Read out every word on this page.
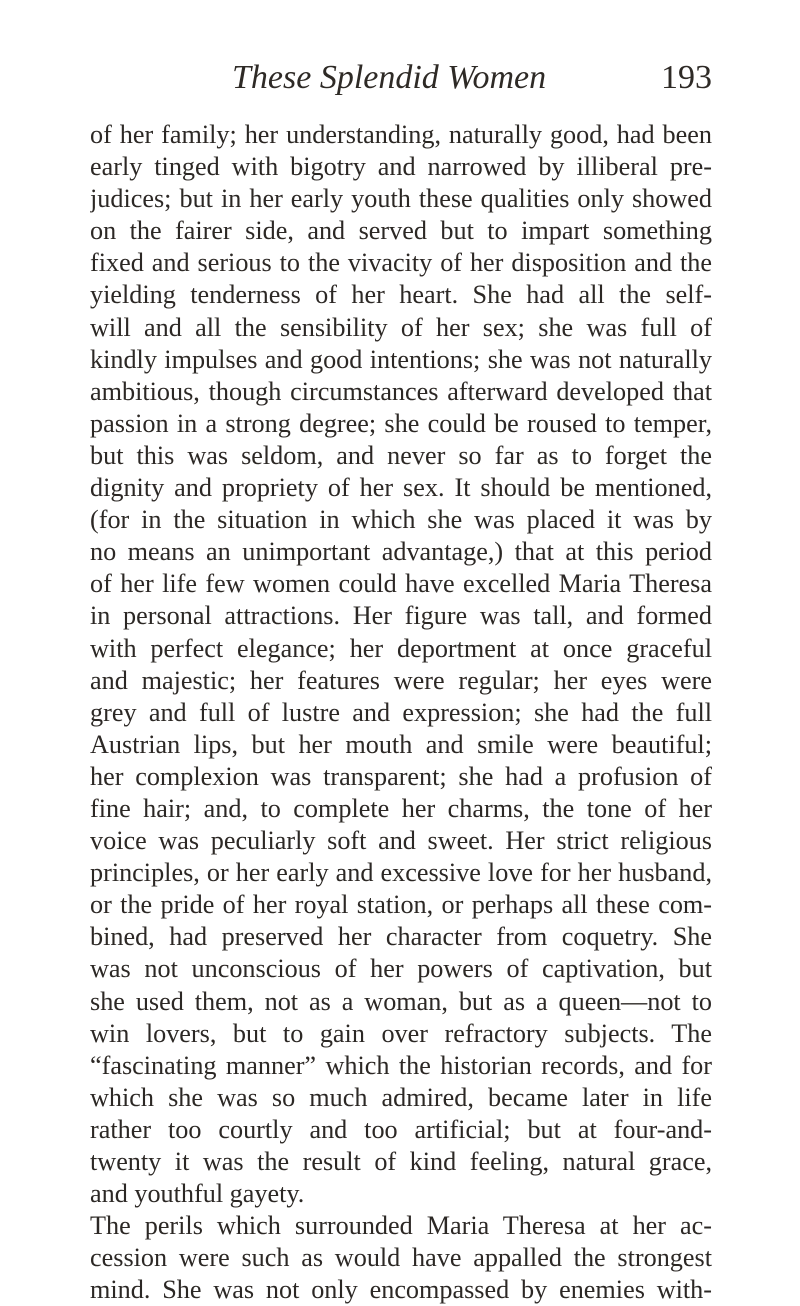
These Splendid Women	193
of her family; her understanding, naturally good, had been
early tinged with bigotry and narrowed by illiberal pre-
judices; but in her early youth these qualities only showed
on the fairer side, and served but to impart something
fixed and serious to the vivacity of her disposition and the
yielding tenderness of her heart. She had all the self-
will and all the sensibility of her sex; she was full of
kindly impulses and good intentions; she was not naturally
ambitious, though circumstances afterward developed that
passion in a strong degree; she could be roused to temper,
but this was seldom, and never so far as to forget the
dignity and propriety of her sex. It should be mentioned,
(for in the situation in which she was placed it was by
no means an unimportant advantage,) that at this period
of her life few women could have excelled Maria Theresa
in personal attractions. Her figure was tall, and formed
with perfect elegance; her deportment at once graceful
and majestic; her features were regular; her eyes were
grey and full of lustre and expression; she had the full
Austrian lips, but her mouth and smile were beautiful;
her complexion was transparent; she had a profusion of
fine hair; and, to complete her charms, the tone of her
voice was peculiarly soft and sweet. Her strict religious
principles, or her early and excessive love for her husband,
or the pride of her royal station, or perhaps all these com-
bined, had preserved her character from coquetry. She
was not unconscious of her powers of captivation, but
she used them, not as a woman, but as a queen—not to
win lovers, but to gain over refractory subjects. The
“fascinating manner” which the historian records, and for
which she was so much admired, became later in life
rather too courtly and too artificial; but at four-and-
twenty it was the result of kind feeling, natural grace,
and youthful gayety.
The perils which surrounded Maria Theresa at her ac-
cession were such as would have appalled the strongest
mind. She was not only encompassed by enemies with-
